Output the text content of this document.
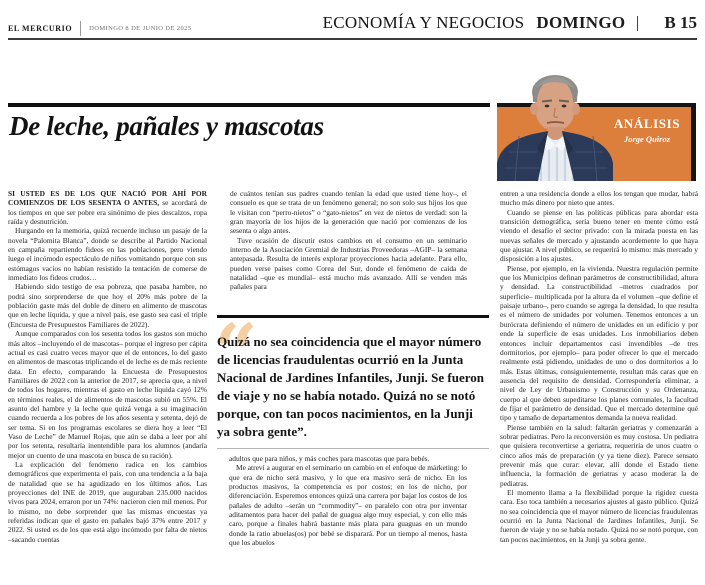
EL MERCURIO	DOMINGO 8 DE JUNIO DE 2025	ECONOMÍA Y NEGOCIOS DOMINGO B 15
De leche, pañales y mascotas	ANÁLISIS
Jorge Quiroz

SI USTED ES DE LOS QUE NACIÓ POR AHÍ POR COMIENZOS DE LOS SESENTA O ANTES, se acordará de los tiempos en que ser pobre era sinónimo de pies descalzos, ropa raída y desnutrición.

Hurgando en la memoria, quizá recuerde incluso un pasaje de la novela “Palomita Blanca”, donde se describe al Partido Nacional en campaña repartiendo fideos en las poblaciones, pero viendo luego el incómodo espectáculo de niños vomitando porque con sus estómagos vacíos no habían resistido la tentación de comerse de inmediato los fideos crudos…

Habiendo sido testigo de esa pobreza, que pasaba hambre, no podrá sino sorprenderse de que hoy el 20% más pobre de la población gaste más del doble de dinero en alimento de mascotas que en leche líquida, y que a nivel país, ese gasto sea casi el triple (Encuesta de Presupuestos Familiares de 2022).

Aunque comparados con los sesenta todos los gastos son mucho más altos –incluyendo el de mascotas– porque el ingreso per cápita actual es casi cuatro veces mayor que el de entonces, lo del gasto en alimentos de mascotas triplicando el de leche es de más reciente data. En efecto, comparando la Encuesta de Presupuestos Familiares de 2022 con la anterior de 2017, se aprecia que, a nivel de todos los hogares, mientras el gasto en leche líquida cayó 12% en términos reales, el de alimentos de mascotas subió un 55%. El asunto del hambre y la leche que quizá venga a su imaginación cuando recuerda a los pobres de los años sesenta y setenta, dejó de ser tema. Si en los programas escolares se diera hoy a leer “El Vaso de Leche” de Manuel Rojas, que aún se daba a leer por ahí por los setenta, resultaría inentendible para los alumnos (andaría mejor un cuento de una mascota en busca de su ración).

La explicación del fenómeno radica en los cambios demográficos que experimenta el país, con una tendencia a la baja de natalidad que se ha agudizado en los últimos años. Las proyecciones del INE de 2019, que auguraban 235.000 nacidos vivos para 2024, erraron por un 74%: nacieron cien mil menos. Por lo mismo, no debe sorprender que las mismas encuestas ya referidas indican que el gasto en pañales bajó 37% entre 2017 y 2022. Si usted es de los que está algo incómodo por falta de nietos –sacando cuentas

de cuántos tenían sus padres cuando tenían la edad que usted tiene hoy–, el consuelo es que se trata de un fenómeno general; no son solo sus hijos los que le visitan con “perro-nietos” o “gato-nietos” en vez de nietos de verdad: son la gran mayoría de los hijos de la generación que nació por comienzos de los sesenta o algo antes.

Tuve ocasión de discutir estos cambios en el consumo en un seminario interno de la Asociación Gremial de Industrias Proveedoras –AGIP– la semana antepasada. Resulta de interés explorar proyecciones hacia adelante. Para ello, pueden verse países como Corea del Sur, donde el fenómeno de caída de natalidad –que es mundial– está mucho más avanzado. Allí se venden más pañales para

“
Quizá no sea coincidencia que el mayor número de licencias fraudulentas ocurrió en la Junta Nacional de Jardines Infantiles, Junji. Se fueron de viaje y no se había notado. Quizá no se notó porque, con tan pocos nacimientos, en la Junji ya sobra gente”.

adultos que para niños, y más coches para mascotas que para bebés.

Me atreví a augurar en el seminario un cambio en el enfoque de márketing: lo que era de nicho será masivo, y lo que era masivo será de nicho. En los productos masivos, la competencia es por costos; en los de nicho, por diferenciación. Esperemos entonces quizá una carrera por bajar los costos de los pañales de adulto –serán un “commodity”– en paralelo con otra por inventar aditamentos para hacer del pañal de guagua algo muy especial, y con ello más caro, porque a finales habrá bastante más plata para guaguas en un mundo donde la ratio abuelas(os) por bebé se disparará. Por un tiempo al menos, hasta que los abuelos

entren a una residencia donde a ellos los tengan que mudar, habrá mucho más dinero por nieto que antes.

Cuando se piense en las políticas públicas para abordar esta transición demográfica, sería bueno tener en mente cómo está viendo el desafío el sector privado: con la mirada puesta en las nuevas señales de mercado y ajustando acordemente lo que haya que ajustar. A nivel público, se requerirá lo mismo: más mercado y disposición a los ajustes.

Piense, por ejemplo, en la vivienda. Nuestra regulación permite que los Municipios definan parámetros de constructibilidad, altura y densidad. La constructibilidad –metros cuadrados por superficie– multiplicada por la altura da el volumen –que define el paisaje urbano–, pero cuando se agrega la densidad, lo que resulta es el número de unidades por volumen. Tenemos entonces a un burócrata definiendo el número de unidades en un edificio y por ende la superficie de esas unidades. Los inmobiliarios deben entonces incluir departamentos casi invendibles –de tres dormitorios, por ejemplo– para poder ofrecer lo que el mercado realmente está pidiendo, unidades de uno o dos dormitorios a lo más. Estas últimas, consiguientemente, resultan más caras que en ausencia del requisito de densidad. Correspondería eliminar, a nivel de Ley de Urbanismo y Construcción y su Ordenanza, cuerpo al que deben supeditarse los planes comunales, la facultad de fijar el parámetro de densidad. Que el mercado determine qué tipo y tamaño de departamentos demanda la nueva realidad.

Piense también en la salud: faltarán geriatras y comenzarán a sobrar pediatras. Pero la reconversión es muy costosa. Un pediatra que quisiera reconvertirse a geriatra, requeriría de unos cuatro o cinco años más de preparación (y ya tiene diez). Parece sensato prevenir más que curar: elevar, allí donde el Estado tiene influencia, la formación de geriatras y acaso moderar la de pediatras.

El momento llama a la flexibilidad porque la rigidez cuesta cara. Eso toca también a necesarios ajustes al gasto público. Quizá no sea coincidencia que el mayor número de licencias fraudulentas ocurrió en la Junta Nacional de Jardines Infantiles, Junji. Se fueron de viaje y no se había notado. Quizá no se notó porque, con tan pocos nacimientos, en la Junji ya sobra gente.
